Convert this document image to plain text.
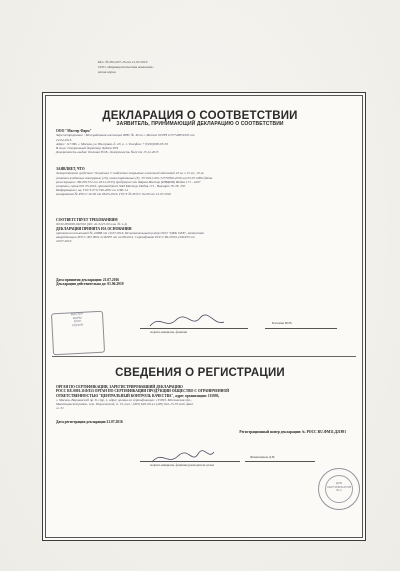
Исх. № 0014/07-16 от 21.07.2016
ООО «Фармацевтическая компания»
копия верна
ДЕКЛАРАЦИЯ О СООТВЕТСТВИИ
ЗАЯВИТЕЛЬ, ПРИНИМАЮЩИЙ ДЕКЛАРАЦИЮ О СООТВЕТСТВИИ

ООО "Мастер Фарм"

Зарегистрировано : Межрайонная инспекция ФНС № 46 по г. Москве ОГРН 1137746851995 от

22.04.2013.

Адрес: 117186, г. Москва, ул. Нагорная, д. 20, к. 1. Телефон: +7(499)990-03-50

В лице: Генеральный директор Чуйков Р.Н.

Доверенность выдан: Блохина Ю.В., доверенность №22 от 15.12.2015

ЗАЯВЛЯЕТ, ЧТО

Лекарственное средство: Эсцитала ® таблетки покрытые пленочной оболочкой 10 мг x 15 мг; 10 мг

упаковки ячейковые контурные (10), пачки картонные (3), ТУ 9291-001-74779390-2016 от 03.07.2006 (дата

регистрации: ЛП-001572 от 18.12.2015) продукция Сан Фарма Мастер (ИНДИЯ) Индия 171 - 4207

упаковки, серия 001 05.2016, производится ЗАО Мастер, Индия 171 - Вакхарт 76-78, 250

Информация и на, ГОСТ Р 51740-2001 по 1180-14

контрактов № РОСС 02.00 от 06.05.2016, ГОСТ № РОСС 02.00 от 13.07.2016

СООТВЕТСТВУЕТ ТРЕБОВАНИЯМ

ФСП-000498-040316 (ФС 42-3225-00 изм. № 1-4)

ДЕКЛАРАЦИЯ ПРИНЯТА НА ОСНОВАНИИ

протокола испытаний № 22888 от 19.07.2016, Испытательный центр ООО "ЦКК ОКБ", аттестат

аккредитации РОСС RU.0001.21ФЛ35 от 22.08.2014. Сертификат РОСС RU.0001.21ФЛ35 от

20.07.2016

Дата принятия декларации: 21.07.2016

Декларация действительна до: 01.06.2019

МАСТЕР
ФАРМ
ООО
КОПИЯ	Блохина Ю.В.
подпись инициалы, фамилия
СВЕДЕНИЯ О РЕГИСТРАЦИИ

ОРГАН ПО СЕРТИФИКАЦИИ, ЗАРЕГИСТРИРОВАВШИЙ ДЕКЛАРАЦИЮ

РОСС RU.0001.11ФЛ33 ОРГАН ПО СЕРТИФИКАЦИИ ПРОДУКЦИИ ОБЩЕСТВО С ОГРАНИЧЕННОЙ

ОТВЕТСТВЕННОСТЬЮ "ЦЕНТРАЛЬНЫЙ КОНТРОЛЬ КАЧЕСТВА", адрес организации: 115093,

г. Москва, Варшавский пр. 8, стр. 1, адрес органа по сертификации: 115093, Московская обл.,

Мытищинский район, пгт. Пироговский, д. 13, тел.: (495) 649-99-41 (495) 642-15-35 моб. факс

гл. 31

Дата регистрации декларации 21.07.2016

Регистрационный номер декларации: № РОСС RU.ФМ11.Д21891

Фомиченков Д.В.
подпись инициалы, фамилия руководителя органа
ДЛЯ
СЕРТИФИКАТОВ
№ 2
